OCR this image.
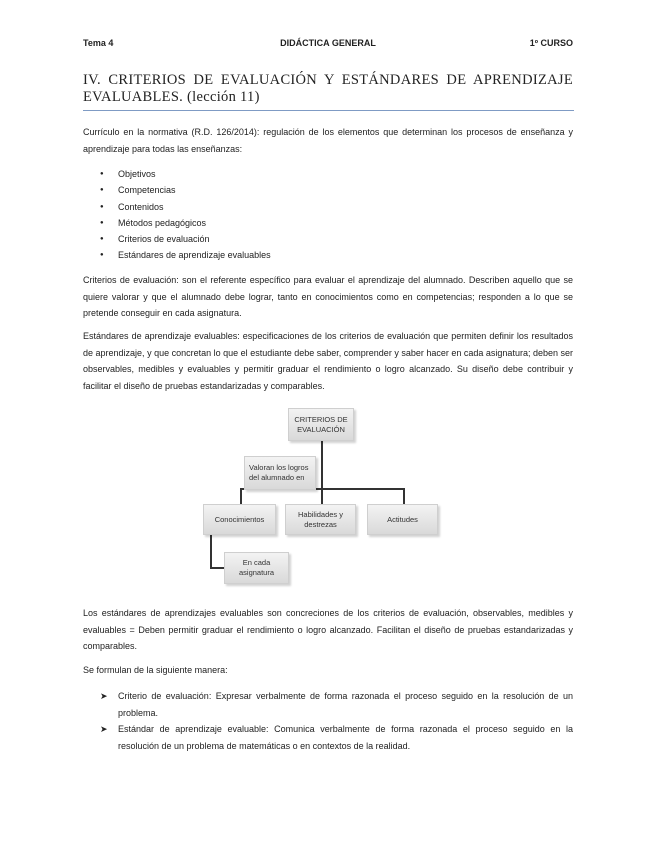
DIDÁCTICA GENERAL
Tema 4	1º CURSO
IV. CRITERIOS DE EVALUACIÓN Y ESTÁNDARES DE APRENDIZAJE EVALUABLES. (lección 11)

Currículo en la normativa (R.D. 126/2014): regulación de los elementos que determinan los procesos de enseñanza y aprendizaje para todas las enseñanzas:

● Objetivos
● Competencias
● Contenidos
● Métodos pedagógicos
● Criterios de evaluación
● Estándares de aprendizaje evaluables

Criterios de evaluación: son el referente específico para evaluar el aprendizaje del alumnado. Describen aquello que se quiere valorar y que el alumnado debe lograr, tanto en conocimientos como en competencias; responden a lo que se pretende conseguir en cada asignatura.

Estándares de aprendizaje evaluables: especificaciones de los criterios de evaluación que permiten definir los resultados de aprendizaje, y que concretan lo que el estudiante debe saber, comprender y saber hacer en cada asignatura; deben ser observables, medibles y evaluables y permitir graduar el rendimiento o logro alcanzado. Su diseño debe contribuir y facilitar el diseño de pruebas estandarizadas y comparables.

CRITERIOS DE EVALUACIÓN
Valoran los logros del alumnado en
Conocimientos
Habilidades y destrezas
Actitudes
En cada asignatura

Los estándares de aprendizajes evaluables son concreciones de los criterios de evaluación, observables, medibles y evaluables = Deben permitir graduar el rendimiento o logro alcanzado. Facilitan el diseño de pruebas estandarizadas y comparables.

Se formulan de la siguiente manera:

➤ Criterio de evaluación: Expresar verbalmente de forma razonada el proceso seguido en la resolución de un problema.
➤ Estándar de aprendizaje evaluable: Comunica verbalmente de forma razonada el proceso seguido en la resolución de un problema de matemáticas o en contextos de la realidad.
